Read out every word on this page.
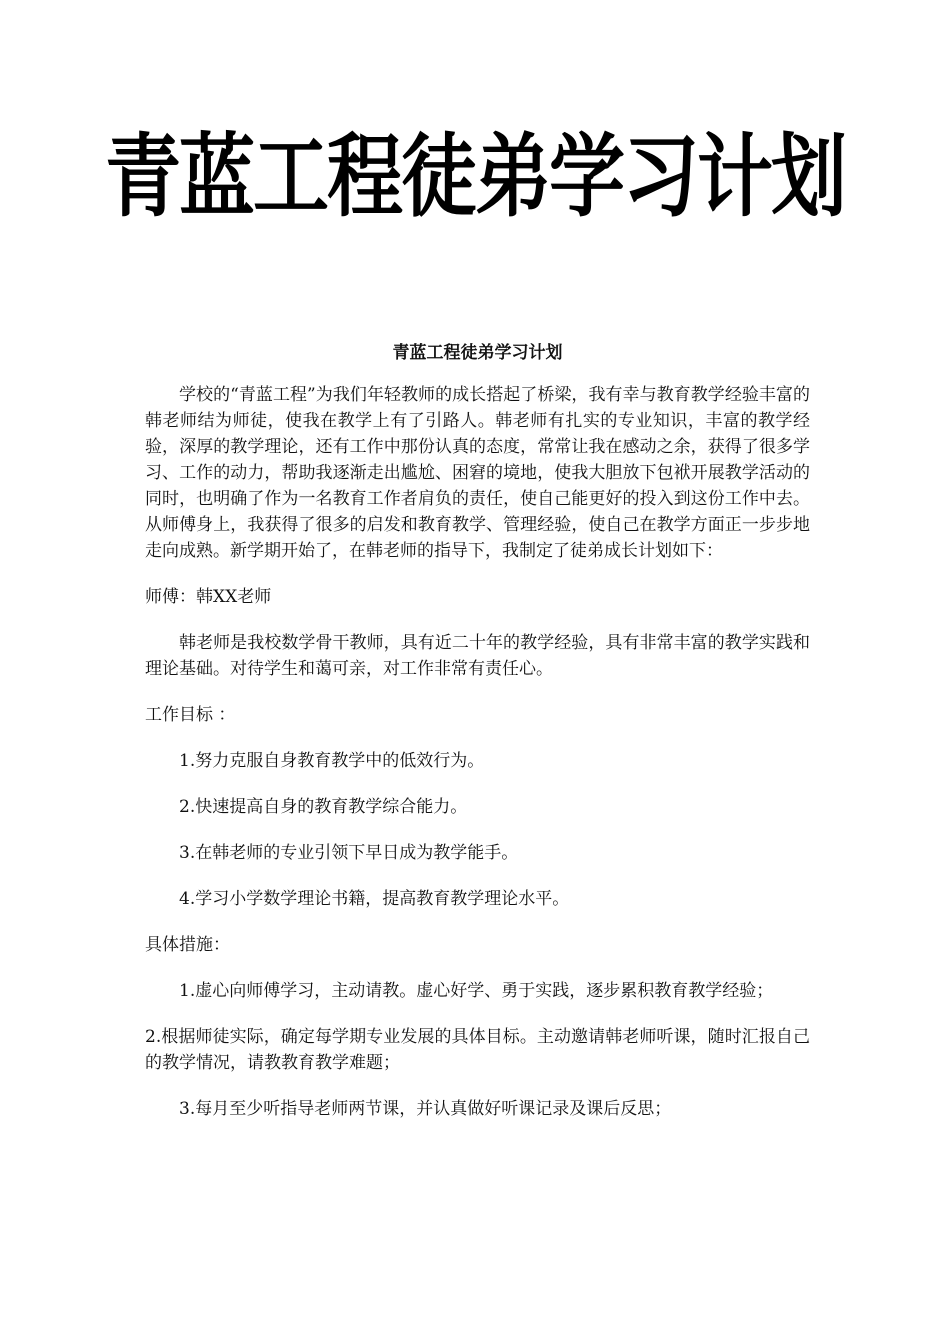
青蓝工程徒弟学习计划
青蓝工程徒弟学习计划

学校的“青蓝工程”为我们年轻教师的成长搭起了桥梁，我有幸与教育教学经验丰富的韩老师结为师徒，使我在教学上有了引路人。韩老师有扎实的专业知识，丰富的教学经验，深厚的教学理论，还有工作中那份认真的态度，常常让我在感动之余，获得了很多学习、工作的动力，帮助我逐渐走出尴尬、困窘的境地，使我大胆放下包袱开展教学活动的同时，也明确了作为一名教育工作者肩负的责任，使自己能更好的投入到这份工作中去。从师傅身上，我获得了很多的启发和教育教学、管理经验，使自己在教学方面正一步步地走向成熟。新学期开始了，在韩老师的指导下，我制定了徒弟成长计划如下：

师傅：韩XX老师

韩老师是我校数学骨干教师，具有近二十年的教学经验，具有非常丰富的教学实践和理论基础。对待学生和蔼可亲，对工作非常有责任心。

工作目标 ：

1.努力克服自身教育教学中的低效行为。

2.快速提高自身的教育教学综合能力。

3.在韩老师的专业引领下早日成为教学能手。

4.学习小学数学理论书籍，提高教育教学理论水平。

具体措施：

1.虚心向师傅学习，主动请教。虚心好学、勇于实践，逐步累积教育教学经验；

2.根据师徒实际，确定每学期专业发展的具体目标。主动邀请韩老师听课，随时汇报自己的教学情况，请教教育教学难题；

3.每月至少听指导老师两节课，并认真做好听课记录及课后反思；
